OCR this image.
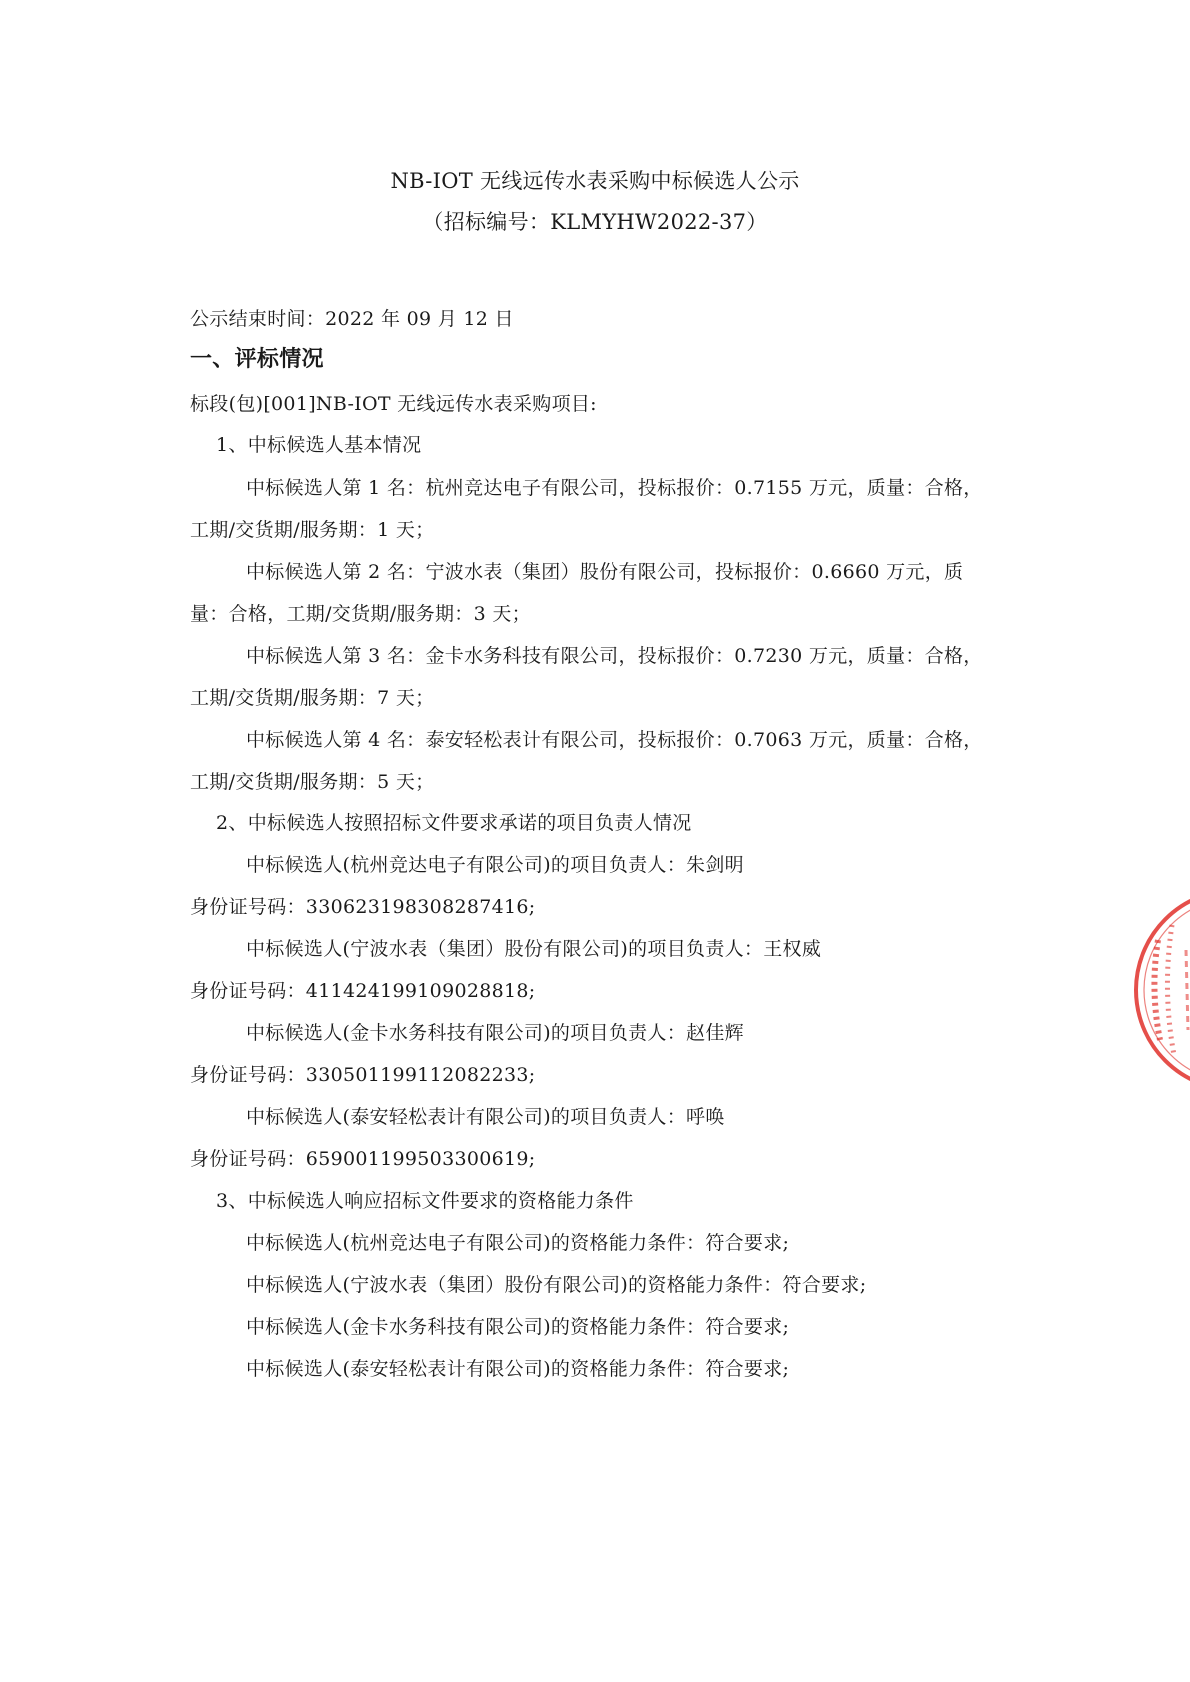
NB-IOT 无线远传水表采购中标候选人公示
（招标编号：KLMYHW2022-37）
公示结束时间：2022 年 09 月 12 日
一、评标情况
标段(包)[001]NB-IOT 无线远传水表采购项目:
1、中标候选人基本情况
中标候选人第 1 名：杭州竞达电子有限公司，投标报价：0.7155 万元，质量：合格，
工期/交货期/服务期：1 天；
中标候选人第 2 名：宁波水表（集团）股份有限公司，投标报价：0.6660 万元，质
量：合格，工期/交货期/服务期：3 天；
中标候选人第 3 名：金卡水务科技有限公司，投标报价：0.7230 万元，质量：合格，
工期/交货期/服务期：7 天；
中标候选人第 4 名：泰安轻松表计有限公司，投标报价：0.7063 万元，质量：合格，
工期/交货期/服务期：5 天；
2、中标候选人按照招标文件要求承诺的项目负责人情况
中标候选人(杭州竞达电子有限公司)的项目负责人：朱剑明
身份证号码：330623198308287416;
中标候选人(宁波水表（集团）股份有限公司)的项目负责人：王权威
身份证号码：411424199109028818;
中标候选人(金卡水务科技有限公司)的项目负责人：赵佳辉
身份证号码：330501199112082233;
中标候选人(泰安轻松表计有限公司)的项目负责人：呼唤
身份证号码：659001199503300619;
3、中标候选人响应招标文件要求的资格能力条件
中标候选人(杭州竞达电子有限公司)的资格能力条件：符合要求;
中标候选人(宁波水表（集团）股份有限公司)的资格能力条件：符合要求;
中标候选人(金卡水务科技有限公司)的资格能力条件：符合要求;
中标候选人(泰安轻松表计有限公司)的资格能力条件：符合要求;
